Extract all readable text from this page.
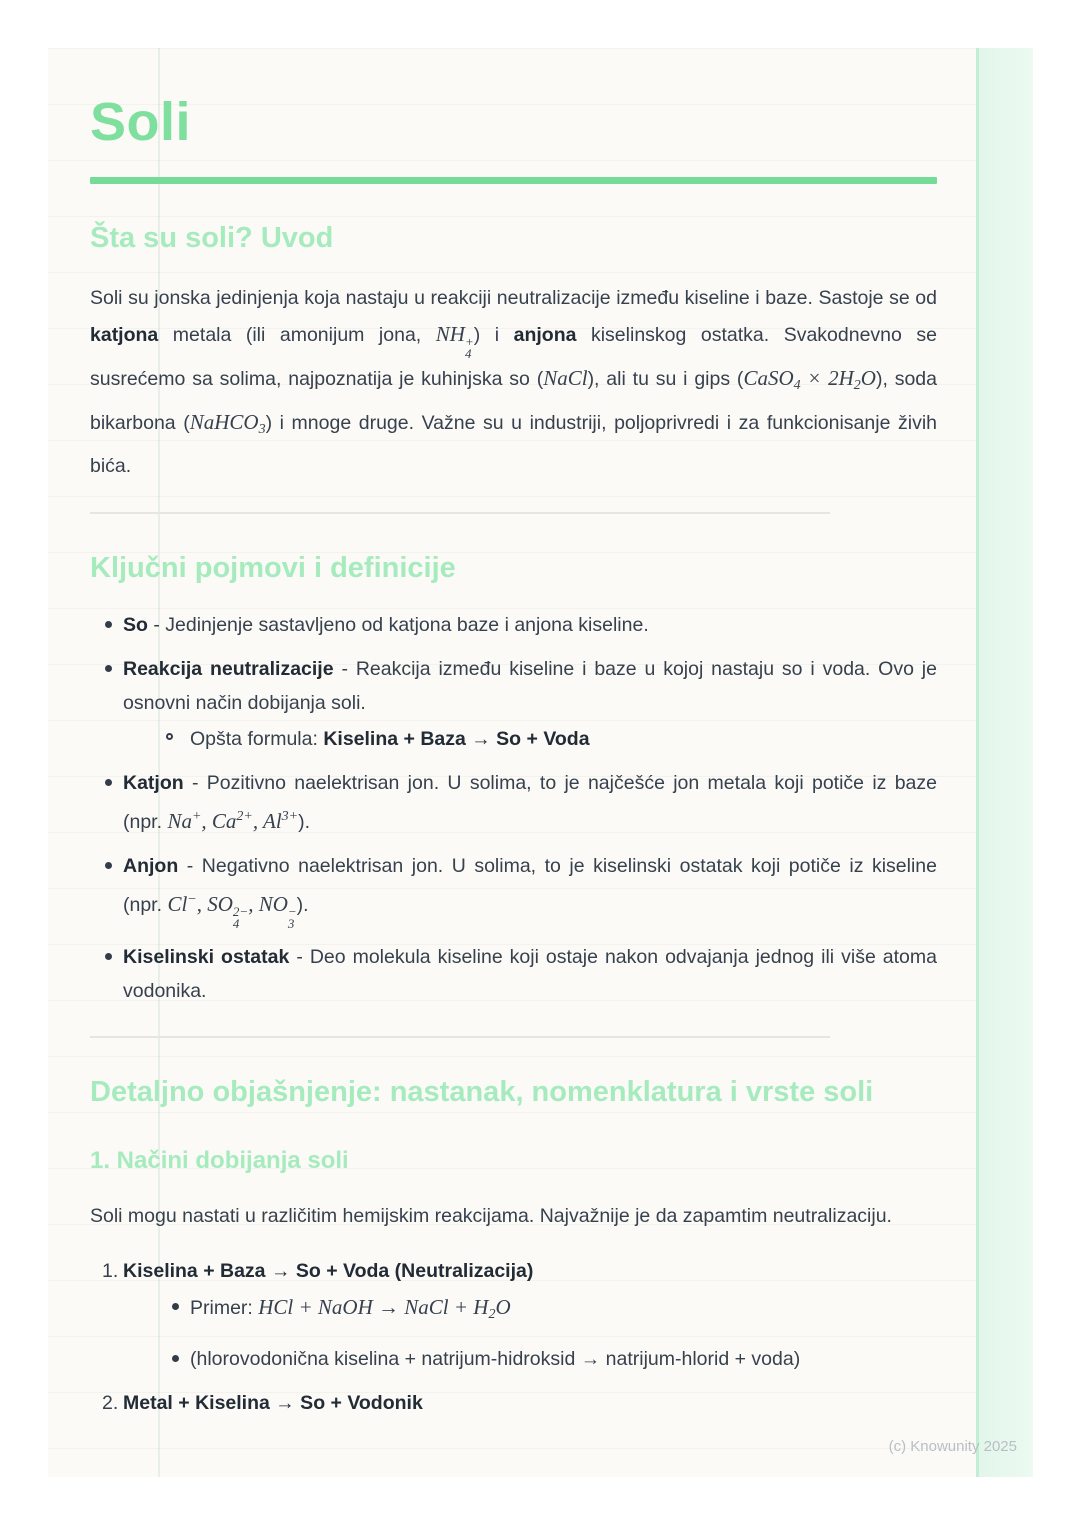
Soli
Šta su soli? Uvod

Soli su jonska jedinjenja koja nastaju u reakciji neutralizacije između kiseline i baze. Sastoje se od katjona metala (ili amonijum jona, NH +
4
) i anjona kiselinskog ostatka. Svakodnevno se susrećemo sa solima, najpoznatija je kuhinjska so (NaCl), ali tu su i gips (CaSO$_4$ × $2H_2O$), soda bikarbona (NaHCO$_3$) i mnoge druge. Važne su u industriji, poljoprivredi i za funkcionisanje živih bića.

Ključni pojmovi i definicije
So - Jedinjenje sastavljeno od katjona baze i anjona kiseline.
Reakcija neutralizacije - Reakcija između kiseline i baze u kojoj nastaju so i voda. Ovo je osnovni način dobijanja soli.
Opšta formula: Kiselina + Baza → So + Voda
Katjon - Pozitivno naelektrisan jon. U solima, to je najčešće jon metala koji potiče iz baze (npr. Na+, $Ca^{2+}$, $Al^{3+}$).
Anjon - Negativno naelektrisan jon. U solima, to je kiselinski ostatak koji potiče iz kiseline (npr. Cl−, SO 2−
4
, NO −
3
).
Kiselinski ostatak - Deo molekula kiseline koji ostaje nakon odvajanja jednog ili više atoma vodonika.
Detaljno objašnjenje: nastanak, nomenklatura i vrste soli
1. Načini dobijanja soli

Soli mogu nastati u različitim hemijskim reakcijama. Najvažnije je da zapamtim neutralizaciju.

1. Kiselina + Baza → So + Voda (Neutralizacija)
Primer: HCl + NaOH → NaCl + $H_2O$
(hlorovodonična kiselina + natrijum-hidroksid → natrijum-hlorid + voda)
2. Metal + Kiselina → So + Vodonik
(c) Knowunity 2025
